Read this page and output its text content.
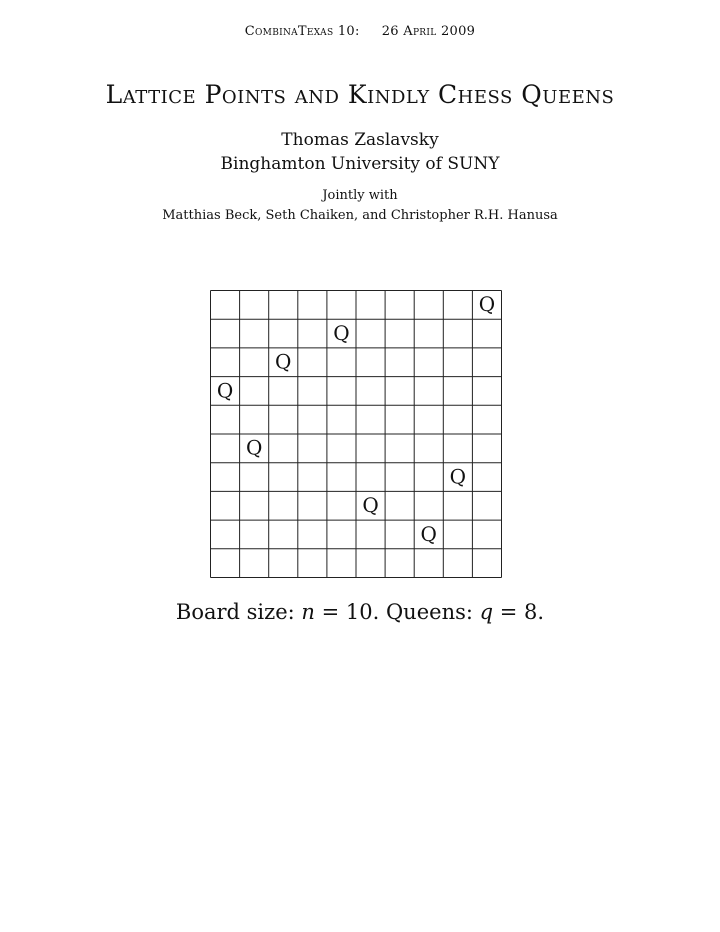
CombinaTexas 10: 26 April 2009
Lattice Points and Kindly Chess Queens
Thomas Zaslavsky
Binghamton University of SUNY
Jointly with
Matthias Beck, Seth Chaiken, and Christopher R.H. Hanusa
Q
Q
Q
Q
Q
Q
Q
Q
Board size: n = 10. Queens: q = 8.
